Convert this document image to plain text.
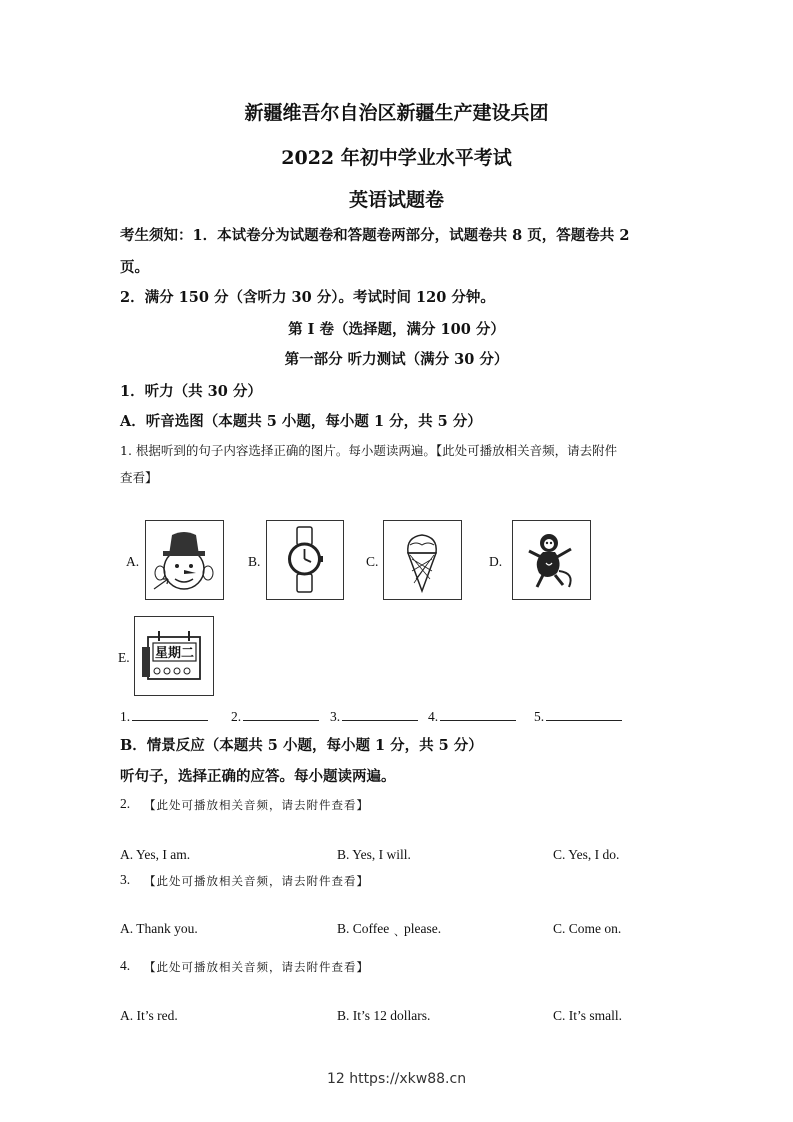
新疆维吾尔自治区新疆生产建设兵团
2022 年初中学业水平考试
英语试题卷
考生须知：1．本试卷分为试题卷和答题卷两部分，试题卷共 8 页，答题卷共 2
页。
2．满分 150 分（含听力 30 分）。考试时间 120 分钟。
第 I 卷（选择题，满分 100 分）
第一部分 听力测试（满分 30 分）
1．听力（共 30 分）
A．听音选图（本题共 5 小题，每小题 1 分，共 5 分）
1. 根据听到的句子内容选择正确的图片。每小题读两遍。【此处可播放相关音频，请去附件
查看】
A.	B.	C.	D.
E. 星期二
1.	2.	3.	4.	5.
B．情景反应（本题共 5 小题，每小题 1 分，共 5 分）
听句子，选择正确的应答。每小题读两遍。
2. 【此处可播放相关音频，请去附件查看】
A. Yes, I am.	B. Yes, I will.	C. Yes, I do.
3. 【此处可播放相关音频，请去附件查看】
A. Thank you.	B. Coffee 、 please.	C. Come on.
4. 【此处可播放相关音频，请去附件查看】
A. It’s red.	B. It’s 12 dollars.	C. It’s small.
12 https://xkw88.cn
